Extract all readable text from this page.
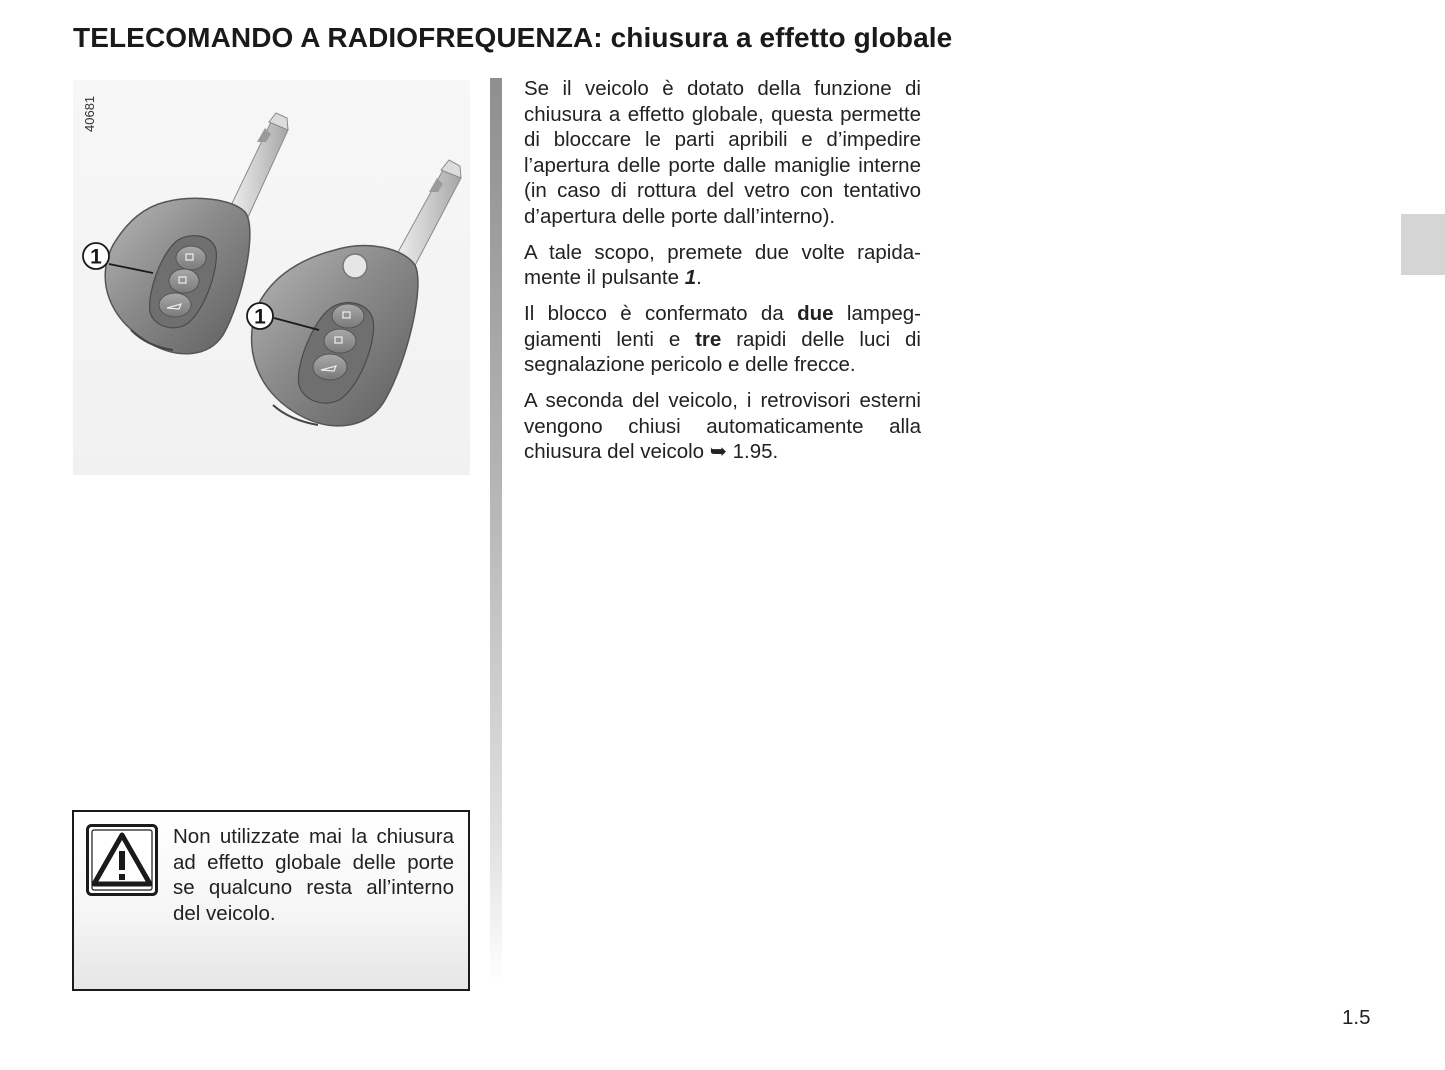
TELECOMANDO A RADIOFREQUENZA: chiusura a effetto globale
1
1
40681

Se il veicolo è dotato della funzione di chiusura a effetto globale, questa permette di bloccare le parti apribili e d’impedire l’apertura delle porte dalle maniglie interne (in caso di rottura del vetro con tentativo d’apertura delle porte dall’interno).

A tale scopo, premete due volte rapidamente il pulsante 1.

Il blocco è confermato da due lampeggiamenti lenti e tre rapidi delle luci di segnalazione pericolo e delle frecce.

A seconda del veicolo, i retrovisori esterni vengono chiusi automaticamente alla chiusura del veicolo ➥ 1.95.

Non utilizzate mai la chiusura ad effetto globale delle porte se qualcuno resta all’interno del veicolo.
1.5
